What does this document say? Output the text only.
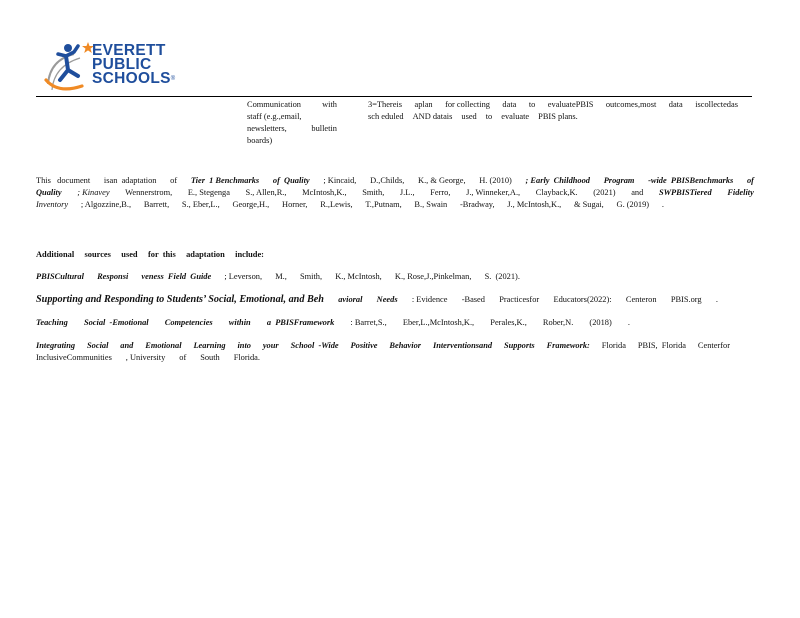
EVERETT
PUBLIC
SCHOOLS®
Communication	with
staff (e.g.,email,
newsletters,	bulletin
boards)
3=Thereis aplan for collecting data to evaluatePBIS outcomes,most data iscollectedas
sch eduled AND datais used to evaluate PBIS plans.
This   document isan  adaptation of Tier  1 Benchmarks of  Quality ; Kincaid, D.,Childs, K., & George, H. (2010) ; Early  Childhood Program -wide  PBISBenchmarks of
Quality ; Kinavey Wennerstrom, E., Stegenga S., Allen,R., McIntosh,K., Smith, J.L., Ferro, J., Winneker,A., Clayback,K. (2021) and SWPBISTiered Fidelity
Inventory ; Algozzine,B., Barrett, S., Eber,L., George,H., Horner, R.,Lewis, T.,Putnam, B., Swain -Bradway, J., McIntosh,K., & Sugai, G. (2019) .
Additional sources used for  this adaptation include:
PBISCultural Responsi veness  Field  Guide ; Leverson, M., Smith, K., McIntosh, K., Rose,J.,Pinkelman, S.  (2021).
Supporting and Responding to Students’ Social, Emotional, and Beh avioral Needs : Evidence -Based Practicesfor Educators(2022): Centeron PBIS.org .
Teaching Social  -Emotional Competencies within a  PBISFramework : Barret,S., Eber,L.,McIntosh,K., Perales,K., Rober,N. (2018) .
Integrating Social and Emotional Learning into your School  -Wide Positive Behavior Interventionsand Supports Framework: Florida PBIS,  Florida Centerfor
InclusiveCommunities , University of South Florida.
